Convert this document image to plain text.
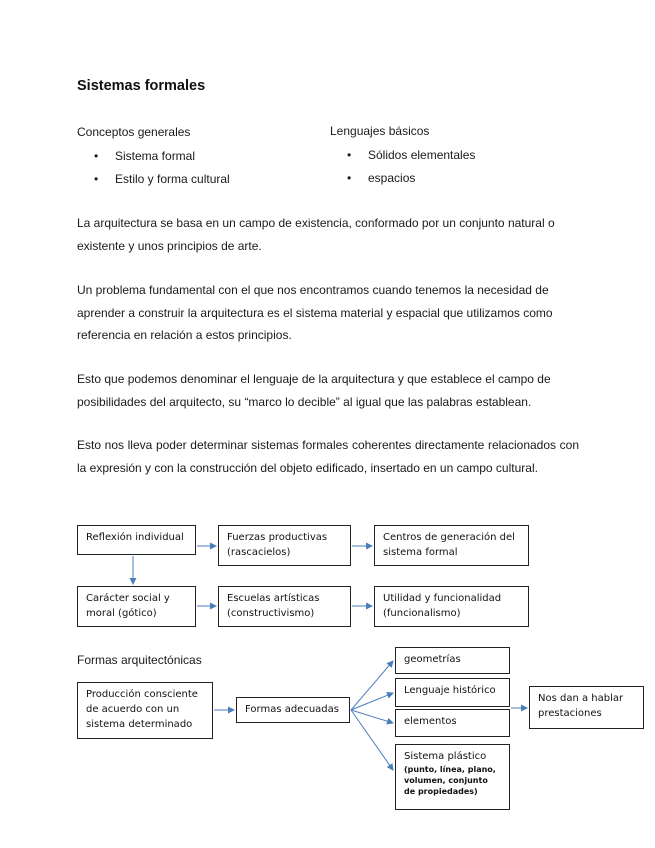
Sistemas formales
Conceptos generales
• Sistema formal
• Estilo y forma cultural
Lenguajes básicos
• Sólidos elementales
• espacios

La arquitectura se basa en un campo de existencia, conformado por un conjunto natural o existente y unos principios de arte.

Un problema fundamental con el que nos encontramos cuando tenemos la necesidad de aprender a construir la arquitectura es el sistema material y espacial que utilizamos como referencia en relación a estos principios.

Esto que podemos denominar el lenguaje de la arquitectura y que establece el campo de posibilidades del arquitecto, su “marco lo decible” al igual que las palabras establean.

Esto nos lleva poder determinar sistemas formales coherentes directamente relacionados con la expresión y con la construcción del objeto edificado, insertado en un campo cultural.

Reflexión individual	Fuerzas productivas (rascacielos)
Centros de generación del sistema formal
Carácter social y moral (gótico)
Escuelas artísticas (constructivismo)
Utilidad y funcionalidad (funcionalismo)
Formas arquitectónicas
Producción consciente de acuerdo con un sistema determinado
Formas adecuadas
geometrías
Lenguaje histórico
elementos
Sistema plástico
(punto, línea, plano, volumen, conjunto de propiedades)
Nos dan a hablar prestaciones
